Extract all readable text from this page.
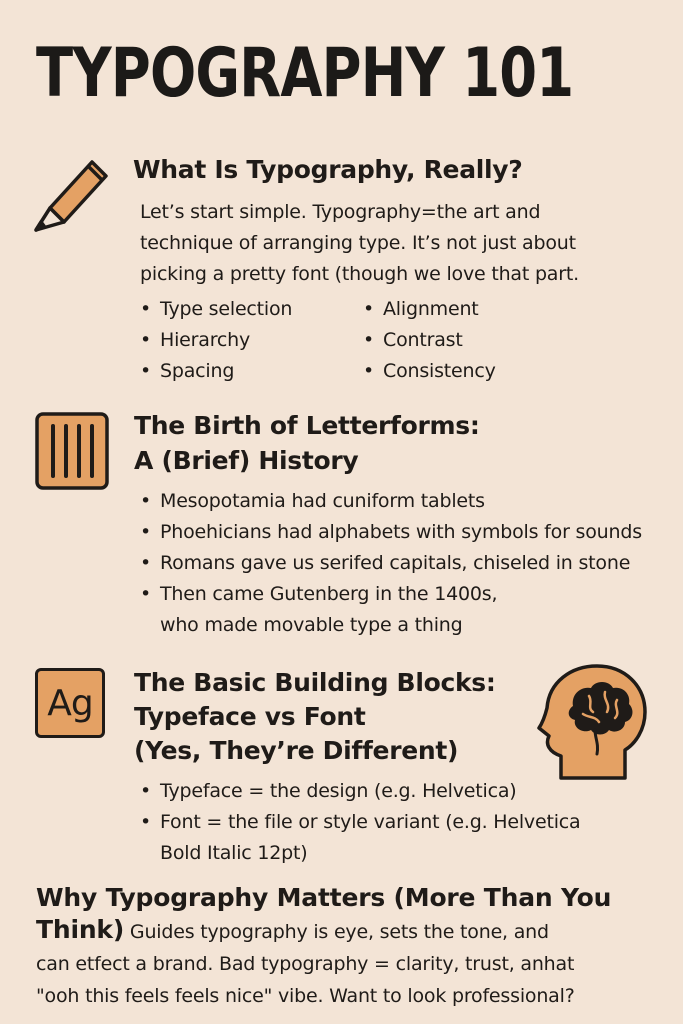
TYPOGRAPHY 101
What Is Typography, Really?
Let’s start simple. Typography=the art and
technique of arranging type. It’s not just about
picking a pretty font (though we love that part.
• Type selection
• Hierarchy
• Spacing
• Alignment
• Contrast
• Consistency
The Birth of Letterforms:
A (Brief) History
• Mesopotamia had cuniform tablets
• Phoehicians had alphabets with symbols for sounds
• Romans gave us serifed capitals, chiseled in stone
• Then came Gutenberg in the 1400s,
who made movable type a thing
Ag The Basic Building Blocks:
Typeface vs Font
(Yes, They’re Different)
• Typeface = the design (e.g. Helvetica)
• Font = the file or style variant (e.g. Helvetica
Bold Italic 12pt)
Why Typography Matters (More Than You
Think) Guides typography is eye, sets the tone, and
can etfect a brand. Bad typography = clarity, trust, anhat
"ooh this feels feels nice" vibe. Want to look professional?
